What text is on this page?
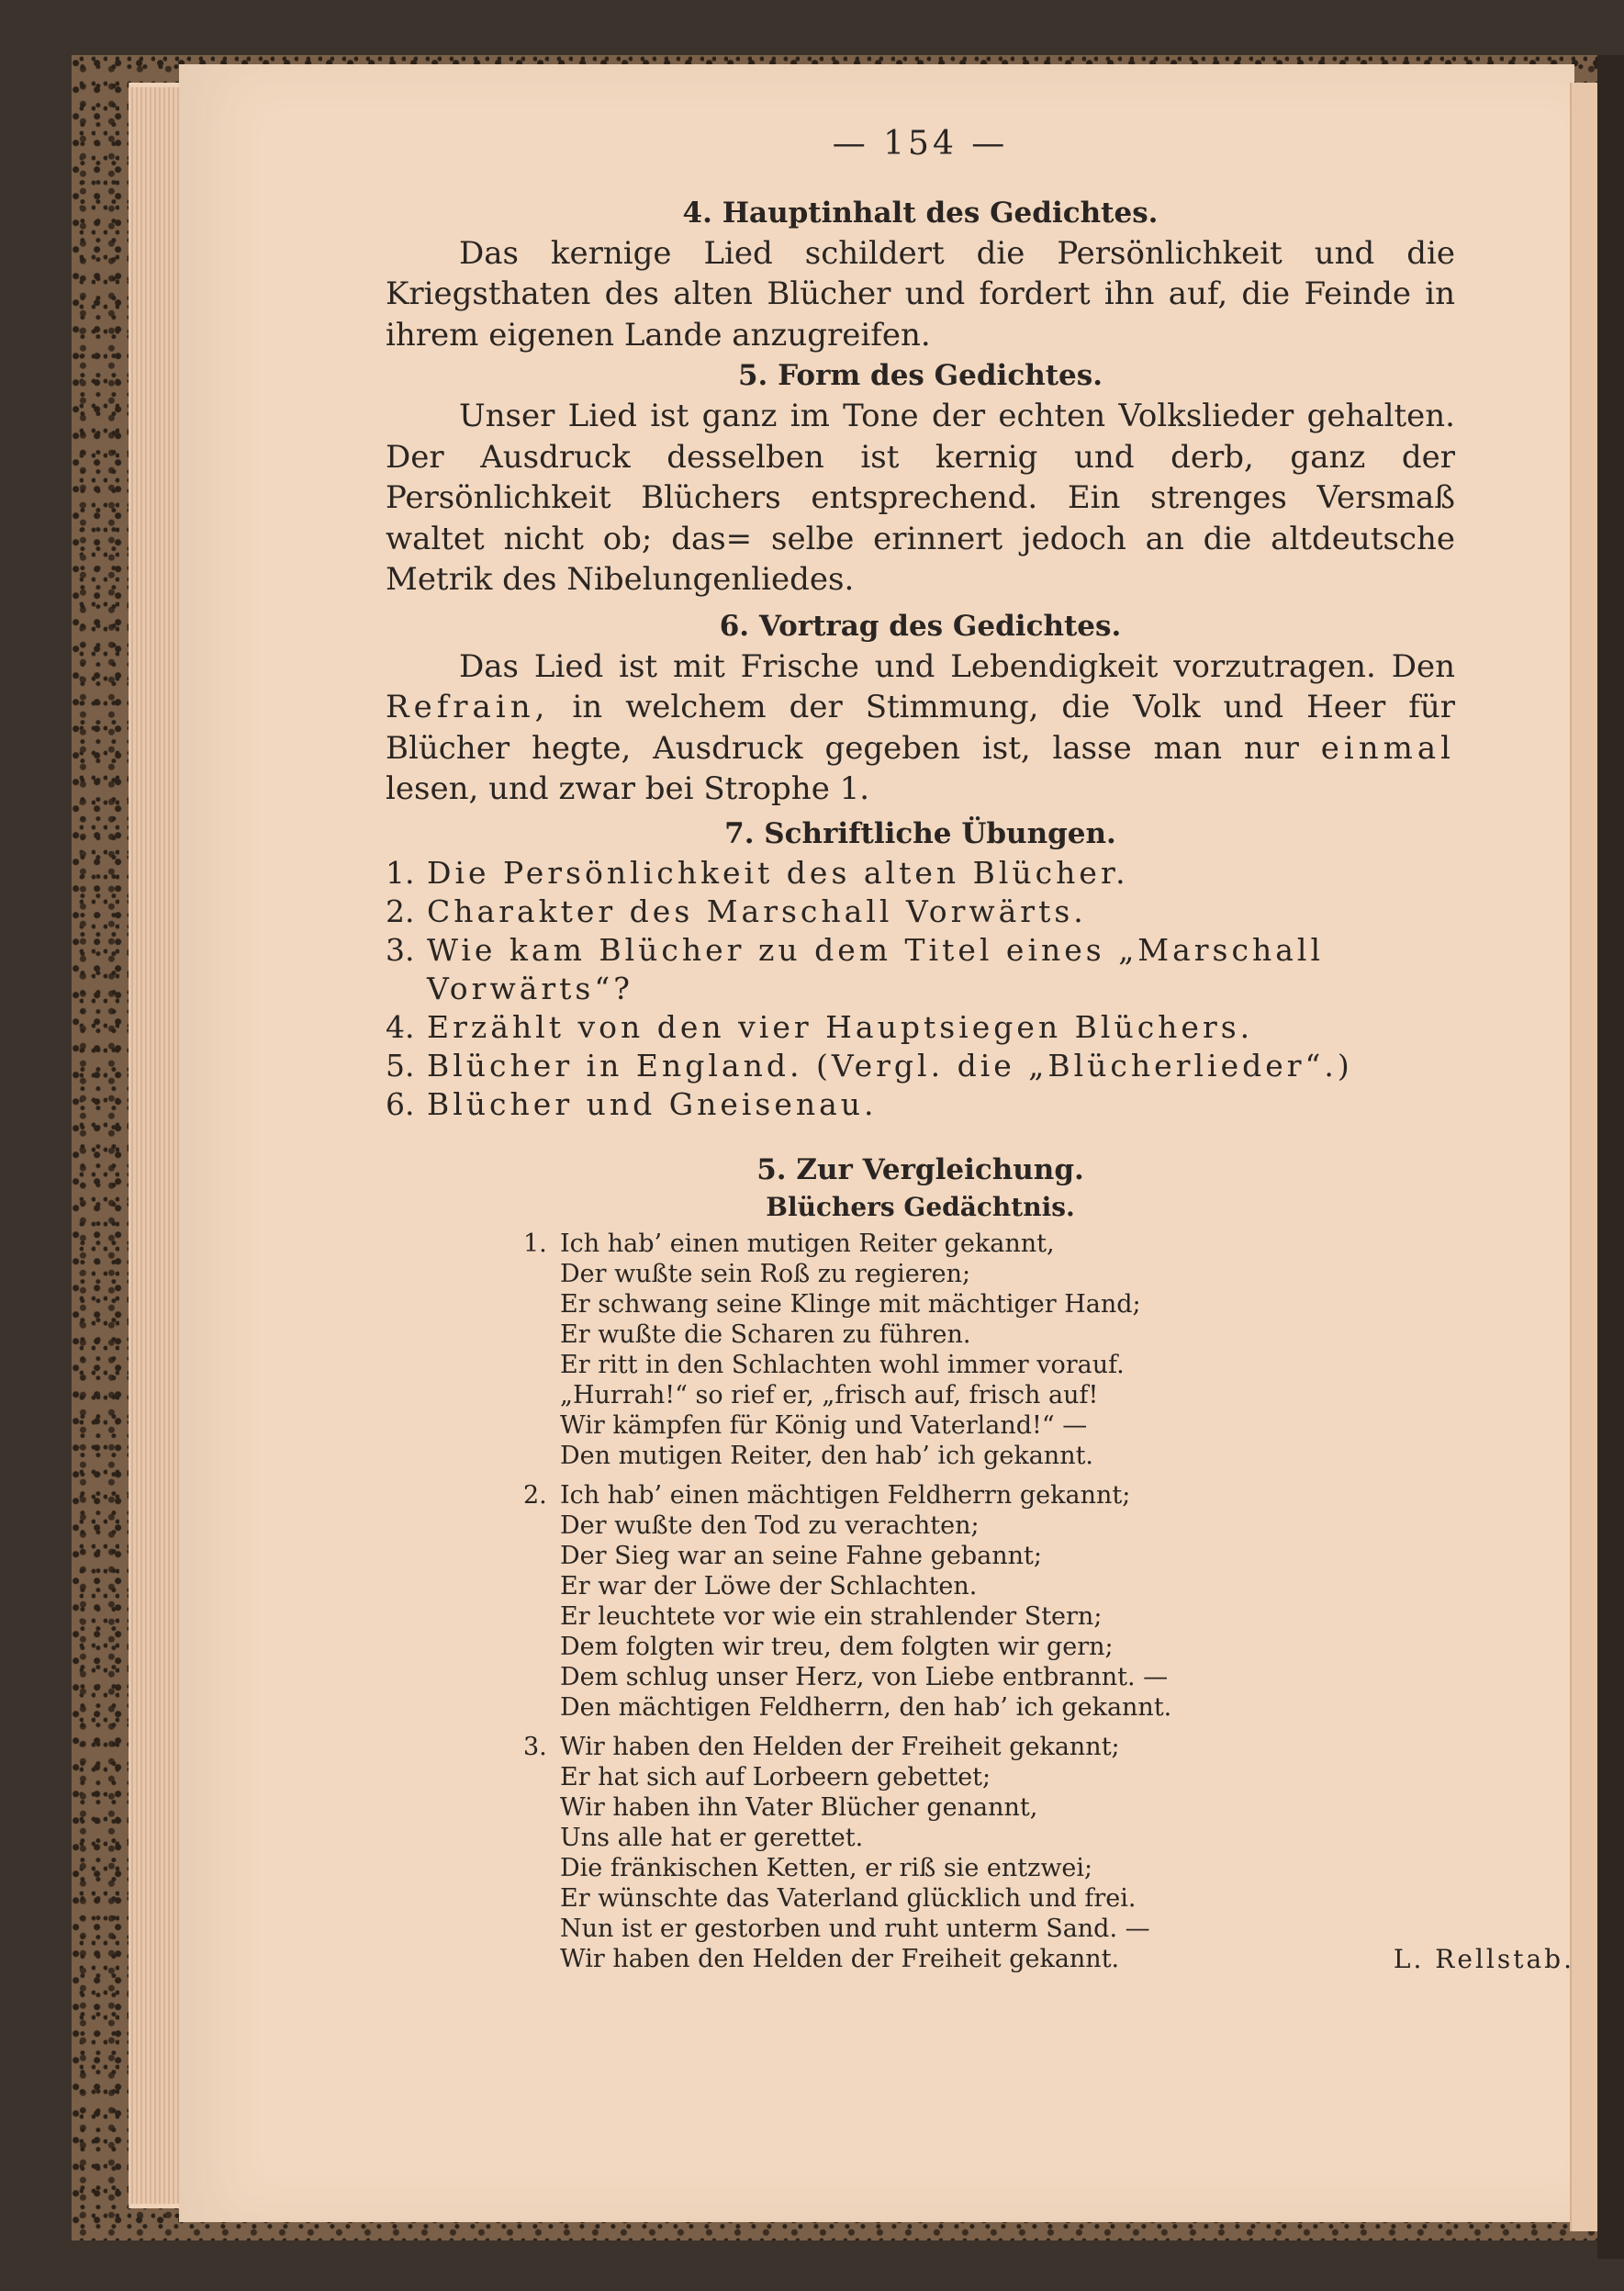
— 154 —
4. Hauptinhalt des Gedichtes.

Das kernige Lied schildert die Persönlichkeit und die Kriegsthaten des alten Blücher und fordert ihn auf, die Feinde in ihrem eigenen Lande anzugreifen.

5. Form des Gedichtes.

Unser Lied ist ganz im Tone der echten Volkslieder gehalten. Der Ausdruck desselben ist kernig und derb, ganz der Persönlichkeit Blüchers entsprechend. Ein strenges Versmaß waltet nicht ob; das= selbe erinnert jedoch an die altdeutsche Metrik des Nibelungenliedes.

6. Vortrag des Gedichtes.

Das Lied ist mit Frische und Lebendigkeit vorzutragen. Den Refrain, in welchem der Stimmung, die Volk und Heer für Blücher hegte, Ausdruck gegeben ist, lasse man nur einmal lesen, und zwar bei Strophe 1.

7. Schriftliche Übungen.
1. Die Persönlichkeit des alten Blücher.
2. Charakter des Marschall Vorwärts.
3. Wie kam Blücher zu dem Titel eines „Marschall
Vorwärts“?
4. Erzählt von den vier Hauptsiegen Blüchers.
5. Blücher in England. (Vergl. die „Blücherlieder“.)
6. Blücher und Gneisenau.
5. Zur Vergleichung.
Blüchers Gedächtnis.
1. Ich hab’ einen mutigen Reiter gekannt,
Der wußte sein Roß zu regieren;
Er schwang seine Klinge mit mächtiger Hand;
Er wußte die Scharen zu führen.
Er ritt in den Schlachten wohl immer vorauf.
„Hurrah!“ so rief er, „frisch auf, frisch auf!
Wir kämpfen für König und Vaterland!“ —
Den mutigen Reiter, den hab’ ich gekannt.
2. Ich hab’ einen mächtigen Feldherrn gekannt;
Der wußte den Tod zu verachten;
Der Sieg war an seine Fahne gebannt;
Er war der Löwe der Schlachten.
Er leuchtete vor wie ein strahlender Stern;
Dem folgten wir treu, dem folgten wir gern;
Dem schlug unser Herz, von Liebe entbrannt. —
Den mächtigen Feldherrn, den hab’ ich gekannt.
3. Wir haben den Helden der Freiheit gekannt;
Er hat sich auf Lorbeern gebettet;
Wir haben ihn Vater Blücher genannt,
Uns alle hat er gerettet.
Die fränkischen Ketten, er riß sie entzwei;
Er wünschte das Vaterland glücklich und frei.
Nun ist er gestorben und ruht unterm Sand. —
Wir haben den Helden der Freiheit gekannt.	L. Rellstab.
